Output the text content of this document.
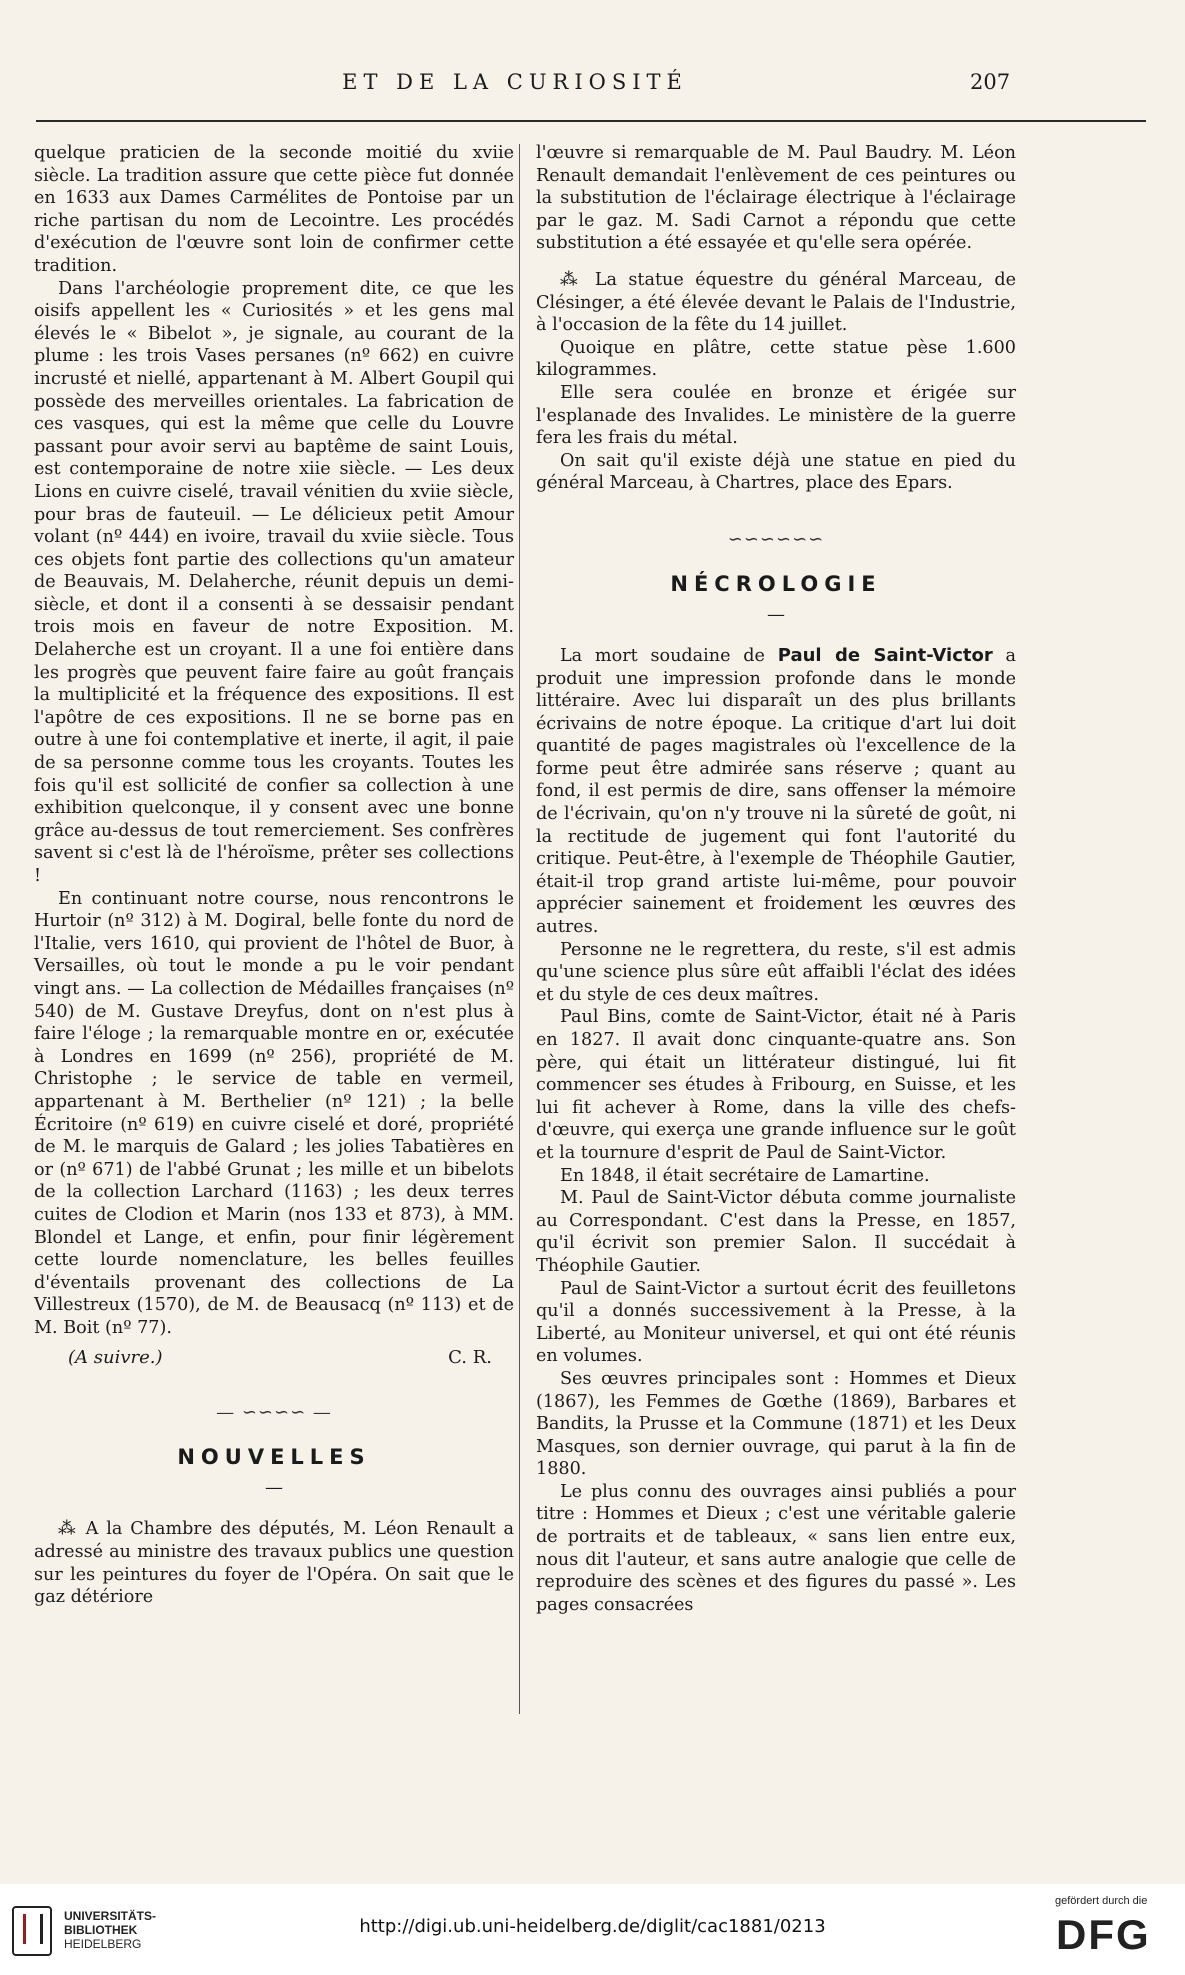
ET DE LA CURIOSITÉ	207

quelque praticien de la seconde moitié du xviie siècle. La tradition assure que cette pièce fut donnée en 1633 aux Dames Carmélites de Pontoise par un riche partisan du nom de Lecointre. Les procédés d'exécution de l'œuvre sont loin de confirmer cette tradition.

Dans l'archéologie proprement dite, ce que les oisifs appellent les « Curiosités » et les gens mal élevés le « Bibelot », je signale, au courant de la plume : les trois Vases persanes (nº 662) en cuivre incrusté et niellé, appartenant à M. Albert Goupil qui possède des merveilles orientales. La fabrication de ces vasques, qui est la même que celle du Louvre passant pour avoir servi au baptême de saint Louis, est contemporaine de notre xiie siècle. — Les deux Lions en cuivre ciselé, travail vénitien du xviie siècle, pour bras de fauteuil. — Le délicieux petit Amour volant (nº 444) en ivoire, travail du xviie siècle. Tous ces objets font partie des collections qu'un amateur de Beauvais, M. Delaherche, réunit depuis un demi-siècle, et dont il a consenti à se dessaisir pendant trois mois en faveur de notre Exposition. M. Delaherche est un croyant. Il a une foi entière dans les progrès que peuvent faire faire au goût français la multiplicité et la fréquence des expositions. Il est l'apôtre de ces expositions. Il ne se borne pas en outre à une foi contemplative et inerte, il agit, il paie de sa personne comme tous les croyants. Toutes les fois qu'il est sollicité de confier sa collection à une exhibition quelconque, il y consent avec une bonne grâce au-dessus de tout remerciement. Ses confrères savent si c'est là de l'héroïsme, prêter ses collections !

En continuant notre course, nous rencontrons le Hurtoir (nº 312) à M. Dogiral, belle fonte du nord de l'Italie, vers 1610, qui provient de l'hôtel de Buor, à Versailles, où tout le monde a pu le voir pendant vingt ans. — La collection de Médailles françaises (nº 540) de M. Gustave Dreyfus, dont on n'est plus à faire l'éloge ; la remarquable montre en or, exécutée à Londres en 1699 (nº 256), propriété de M. Christophe ; le service de table en vermeil, appartenant à M. Berthelier (nº 121) ; la belle Écritoire (nº 619) en cuivre ciselé et doré, propriété de M. le marquis de Galard ; les jolies Tabatières en or (nº 671) de l'abbé Grunat ; les mille et un bibelots de la collection Larchard (1163) ; les deux terres cuites de Clodion et Marin (nos 133 et 873), à MM. Blondel et Lange, et enfin, pour finir légèrement cette lourde nomenclature, les belles feuilles d'éventails provenant des collections de La Villestreux (1570), de M. de Beausacq (nº 113) et de M. Boit (nº 77).

(A suivre.)	C. R.
— ∽∽∽∽ —
NOUVELLES
—

⁂ A la Chambre des députés, M. Léon Renault a adressé au ministre des travaux publics une question sur les peintures du foyer de l'Opéra. On sait que le gaz détériore

l'œuvre si remarquable de M. Paul Baudry. M. Léon Renault demandait l'enlèvement de ces peintures ou la substitution de l'éclairage électrique à l'éclairage par le gaz. M. Sadi Carnot a répondu que cette substitution a été essayée et qu'elle sera opérée.

⁂ La statue équestre du général Marceau, de Clésinger, a été élevée devant le Palais de l'Industrie, à l'occasion de la fête du 14 juillet.

Quoique en plâtre, cette statue pèse 1.600 kilogrammes.

Elle sera coulée en bronze et érigée sur l'esplanade des Invalides. Le ministère de la guerre fera les frais du métal.

On sait qu'il existe déjà une statue en pied du général Marceau, à Chartres, place des Epars.

∽∽∽∽∽∽
NÉCROLOGIE
—

La mort soudaine de Paul de Saint-Victor a produit une impression profonde dans le monde littéraire. Avec lui disparaît un des plus brillants écrivains de notre époque. La critique d'art lui doit quantité de pages magistrales où l'excellence de la forme peut être admirée sans réserve ; quant au fond, il est permis de dire, sans offenser la mémoire de l'écrivain, qu'on n'y trouve ni la sûreté de goût, ni la rectitude de jugement qui font l'autorité du critique. Peut-être, à l'exemple de Théophile Gautier, était-il trop grand artiste lui-même, pour pouvoir apprécier sainement et froidement les œuvres des autres.

Personne ne le regrettera, du reste, s'il est admis qu'une science plus sûre eût affaibli l'éclat des idées et du style de ces deux maîtres.

Paul Bins, comte de Saint-Victor, était né à Paris en 1827. Il avait donc cinquante-quatre ans. Son père, qui était un littérateur distingué, lui fit commencer ses études à Fribourg, en Suisse, et les lui fit achever à Rome, dans la ville des chefs-d'œuvre, qui exerça une grande influence sur le goût et la tournure d'esprit de Paul de Saint-Victor.

En 1848, il était secrétaire de Lamartine.

M. Paul de Saint-Victor débuta comme journaliste au Correspondant. C'est dans la Presse, en 1857, qu'il écrivit son premier Salon. Il succédait à Théophile Gautier.

Paul de Saint-Victor a surtout écrit des feuilletons qu'il a donnés successivement à la Presse, à la Liberté, au Moniteur universel, et qui ont été réunis en volumes.

Ses œuvres principales sont : Hommes et Dieux (1867), les Femmes de Gœthe (1869), Barbares et Bandits, la Prusse et la Commune (1871) et les Deux Masques, son dernier ouvrage, qui parut à la fin de 1880.

Le plus connu des ouvrages ainsi publiés a pour titre : Hommes et Dieux ; c'est une véritable galerie de portraits et de tableaux, « sans lien entre eux, nous dit l'auteur, et sans autre analogie que celle de reproduire des scènes et des figures du passé ». Les pages consacrées

UNIVERSITÄTS-
BIBLIOTHEK
HEIDELBERG
http://digi.ub.uni-heidelberg.de/diglit/cac1881/0213
gefördert durch die
DFG
